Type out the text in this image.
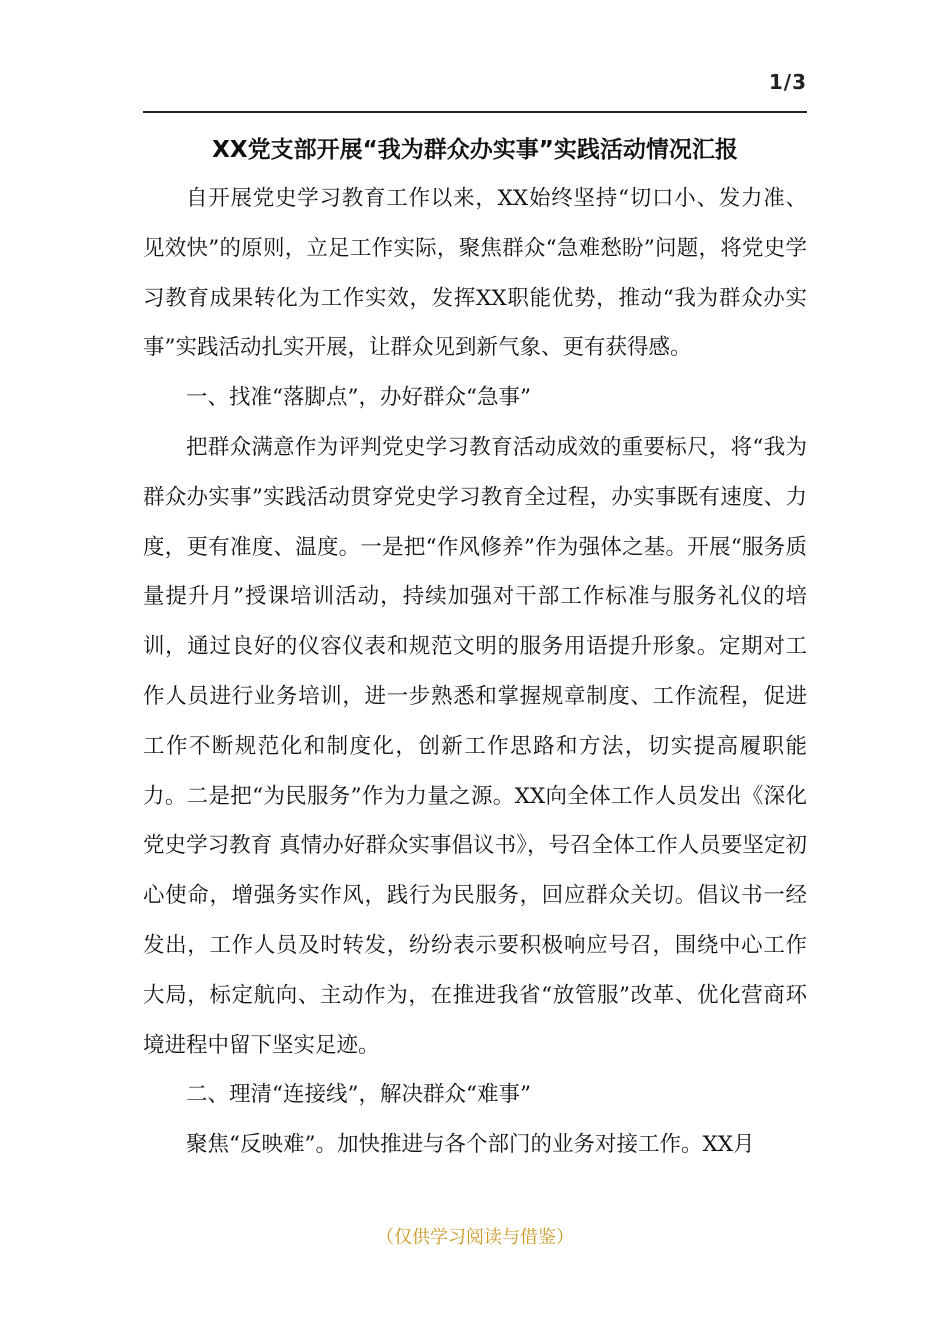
1/3
XX党支部开展“我为群众办实事”实践活动情况汇报

自开展党史学习教育工作以来，XX始终坚持“切口小、发力准、见效快”的原则，立足工作实际，聚焦群众“急难愁盼”问题，将党史学习教育成果转化为工作实效，发挥XX职能优势，推动“我为群众办实事”实践活动扎实开展，让群众见到新气象、更有获得感。

一、找准“落脚点”，办好群众“急事”

把群众满意作为评判党史学习教育活动成效的重要标尺，将“我为群众办实事”实践活动贯穿党史学习教育全过程，办实事既有速度、力度，更有准度、温度。一是把“作风修养”作为强体之基。开展“服务质量提升月”授课培训活动，持续加强对干部工作标准与服务礼仪的培训，通过良好的仪容仪表和规范文明的服务用语提升形象。定期对工作人员进行业务培训，进一步熟悉和掌握规章制度、工作流程，促进工作不断规范化和制度化，创新工作思路和方法，切实提高履职能力。二是把“为民服务”作为力量之源。XX向全体工作人员发出《深化党史学习教育 真情办好群众实事倡议书》，号召全体工作人员要坚定初心使命，增强务实作风，践行为民服务，回应群众关切。倡议书一经发出，工作人员及时转发，纷纷表示要积极响应号召，围绕中心工作大局，标定航向、主动作为，在推进我省“放管服”改革、优化营商环境进程中留下坚实足迹。

二、理清“连接线”，解决群众“难事”

聚焦“反映难”。加快推进与各个部门的业务对接工作。XX月

（仅供学习阅读与借鉴）
